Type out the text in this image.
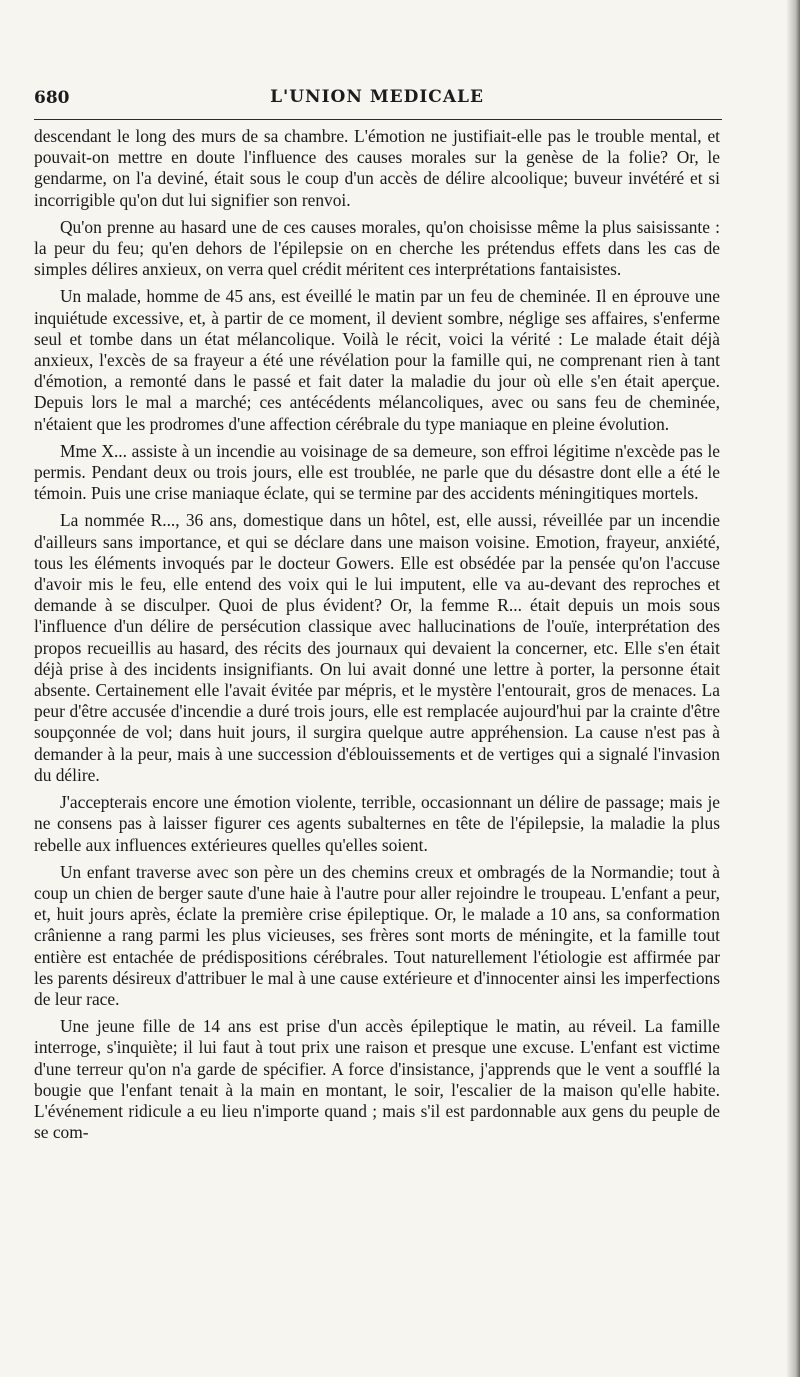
680	L'UNION MEDICALE

descendant le long des murs de sa chambre. L'émotion ne justifiait-elle pas le trouble mental, et pouvait-on mettre en doute l'influence des causes morales sur la genèse de la folie? Or, le gendarme, on l'a deviné, était sous le coup d'un accès de délire alcoolique; buveur invétéré et si incorrigible qu'on dut lui signifier son renvoi.

Qu'on prenne au hasard une de ces causes morales, qu'on choisisse même la plus saisissante : la peur du feu; qu'en dehors de l'épilepsie on en cherche les prétendus effets dans les cas de simples délires anxieux, on verra quel crédit méritent ces interprétations fantaisistes.

Un malade, homme de 45 ans, est éveillé le matin par un feu de cheminée. Il en éprouve une inquiétude excessive, et, à partir de ce moment, il devient sombre, néglige ses affaires, s'enferme seul et tombe dans un état mélancolique. Voilà le récit, voici la vérité : Le malade était déjà anxieux, l'excès de sa frayeur a été une révélation pour la famille qui, ne comprenant rien à tant d'émotion, a remonté dans le passé et fait dater la maladie du jour où elle s'en était aperçue. Depuis lors le mal a marché; ces antécédents mélancoliques, avec ou sans feu de cheminée, n'étaient que les prodromes d'une affection cérébrale du type maniaque en pleine évolution.

Mme X... assiste à un incendie au voisinage de sa demeure, son effroi légitime n'excède pas le permis. Pendant deux ou trois jours, elle est troublée, ne parle que du désastre dont elle a été le témoin. Puis une crise maniaque éclate, qui se termine par des accidents méningitiques mortels.

La nommée R..., 36 ans, domestique dans un hôtel, est, elle aussi, réveillée par un incendie d'ailleurs sans importance, et qui se déclare dans une maison voisine. Emotion, frayeur, anxiété, tous les éléments invoqués par le docteur Gowers. Elle est obsédée par la pensée qu'on l'accuse d'avoir mis le feu, elle entend des voix qui le lui imputent, elle va au-devant des reproches et demande à se disculper. Quoi de plus évident? Or, la femme R... était depuis un mois sous l'influence d'un délire de persécution classique avec hallucinations de l'ouïe, interprétation des propos recueillis au hasard, des récits des journaux qui devaient la concerner, etc. Elle s'en était déjà prise à des incidents insignifiants. On lui avait donné une lettre à porter, la personne était absente. Certainement elle l'avait évitée par mépris, et le mystère l'entourait, gros de menaces. La peur d'être accusée d'incendie a duré trois jours, elle est remplacée aujourd'hui par la crainte d'être soupçonnée de vol; dans huit jours, il surgira quelque autre appréhension. La cause n'est pas à demander à la peur, mais à une succession d'éblouissements et de vertiges qui a signalé l'invasion du délire.

J'accepterais encore une émotion violente, terrible, occasionnant un délire de passage; mais je ne consens pas à laisser figurer ces agents subalternes en tête de l'épilepsie, la maladie la plus rebelle aux influences extérieures quelles qu'elles soient.

Un enfant traverse avec son père un des chemins creux et ombragés de la Normandie; tout à coup un chien de berger saute d'une haie à l'autre pour aller rejoindre le troupeau. L'enfant a peur, et, huit jours après, éclate la première crise épileptique. Or, le malade a 10 ans, sa conformation crânienne a rang parmi les plus vicieuses, ses frères sont morts de méningite, et la famille tout entière est entachée de prédispositions cérébrales. Tout naturellement l'étiologie est affirmée par les parents désireux d'attribuer le mal à une cause extérieure et d'innocenter ainsi les imperfections de leur race.

Une jeune fille de 14 ans est prise d'un accès épileptique le matin, au réveil. La famille interroge, s'inquiète; il lui faut à tout prix une raison et presque une excuse. L'enfant est victime d'une terreur qu'on n'a garde de spécifier. A force d'insistance, j'apprends que le vent a soufflé la bougie que l'enfant tenait à la main en montant, le soir, l'escalier de la maison qu'elle habite. L'événement ridicule a eu lieu n'importe quand ; mais s'il est pardonnable aux gens du peuple de se com-
